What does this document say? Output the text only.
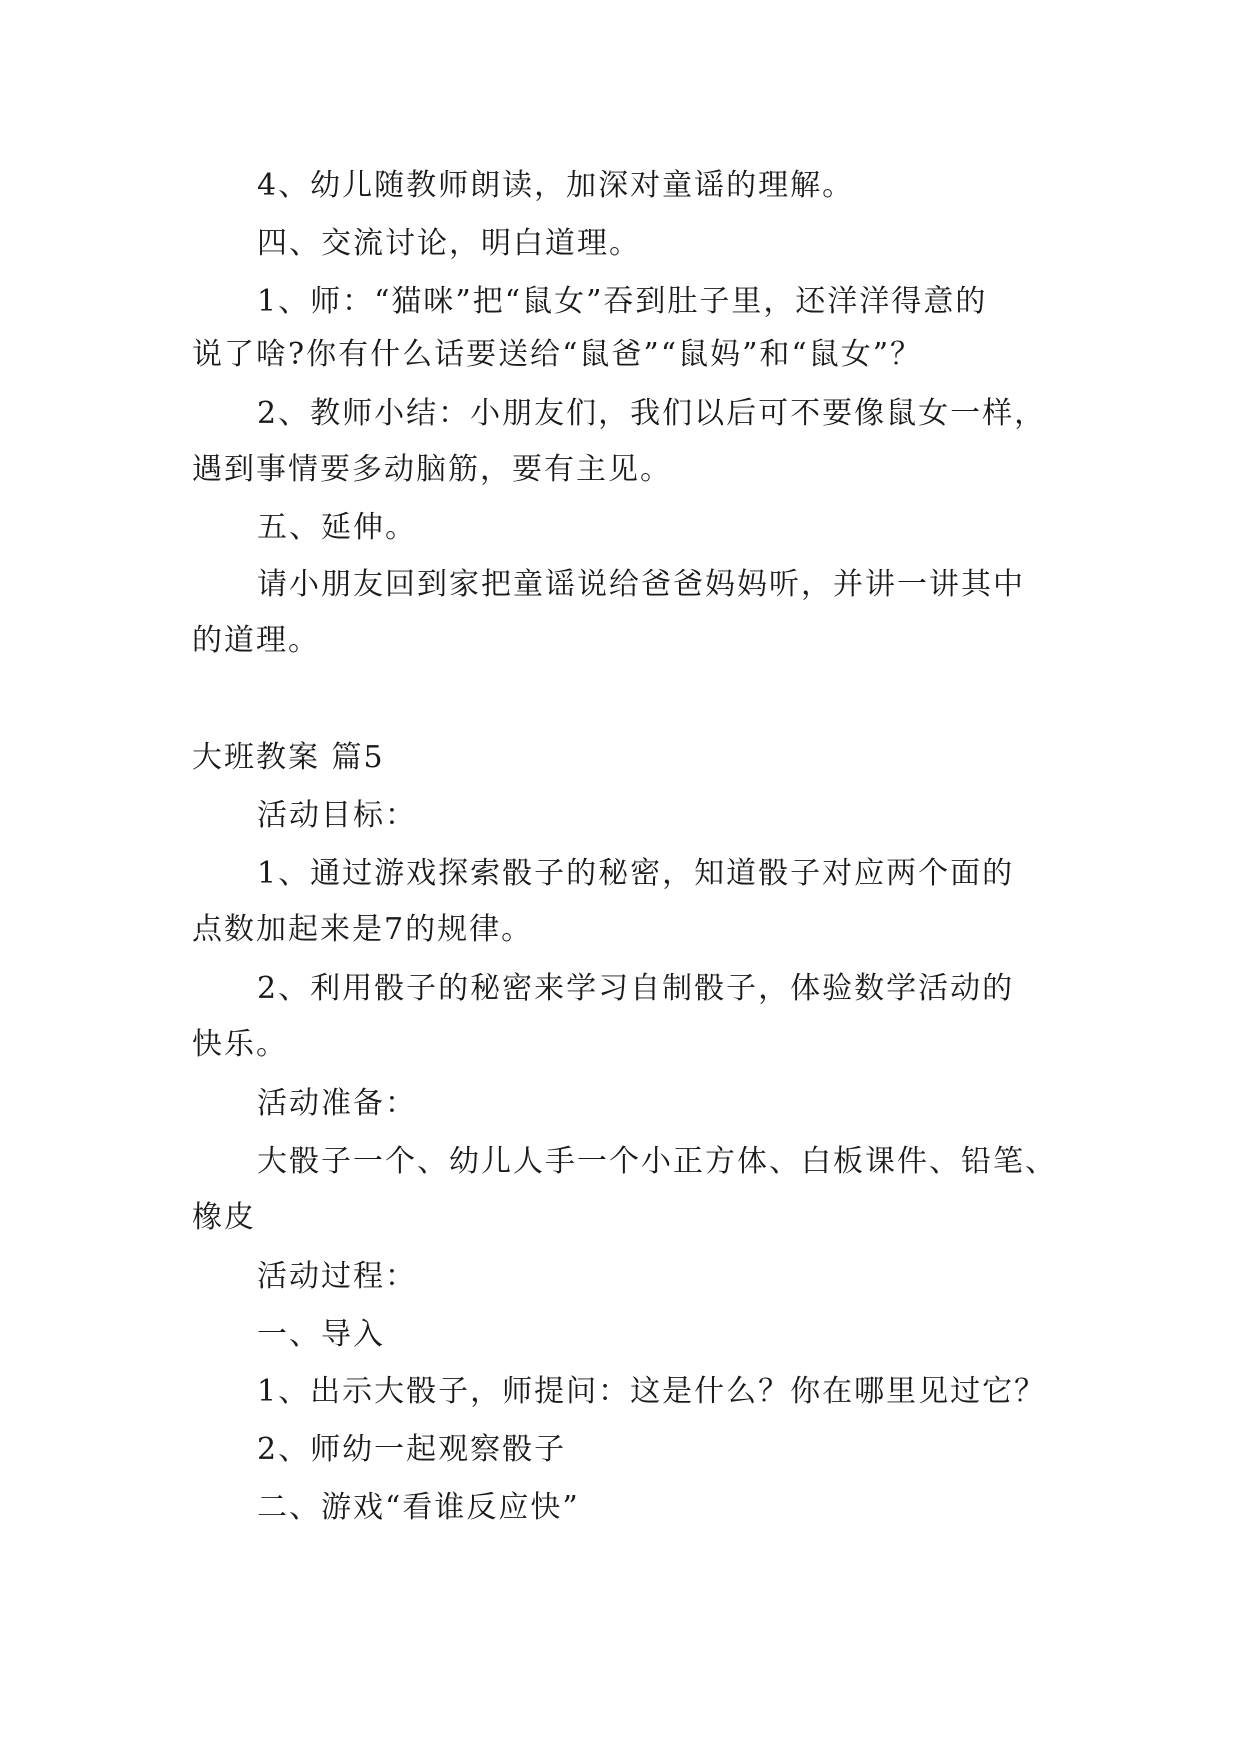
4、幼儿随教师朗读，加深对童谣的理解。
四、交流讨论，明白道理。
1、师：“猫咪”把“鼠女”吞到肚子里，还洋洋得意的
说了啥?你有什么话要送给“鼠爸”“鼠妈”和“鼠女”？
2、教师小结：小朋友们，我们以后可不要像鼠女一样，
遇到事情要多动脑筋，要有主见。
五、延伸。
请小朋友回到家把童谣说给爸爸妈妈听，并讲一讲其中
的道理。
大班教案 篇5
活动目标：
1、通过游戏探索骰子的秘密，知道骰子对应两个面的
点数加起来是7的规律。
2、利用骰子的秘密来学习自制骰子，体验数学活动的
快乐。
活动准备：
大骰子一个、幼儿人手一个小正方体、白板课件、铅笔、
橡皮
活动过程：
一、导入
1、出示大骰子，师提问：这是什么？你在哪里见过它？
2、师幼一起观察骰子
二、游戏“看谁反应快”
